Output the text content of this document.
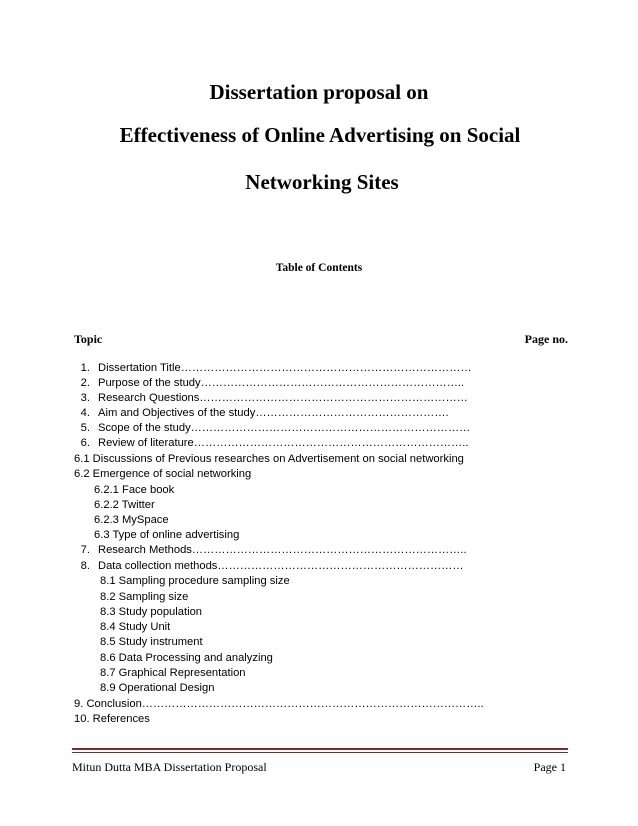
Dissertation proposal on
Effectiveness of Online Advertising on Social
Networking Sites
Table of Contents
Topic	Page no.
1. Dissertation Title……………………………………………………………………
2. Purpose of the study……………………………………………………………..
3. Research Questions………………………………………………………………
4. Aim and Objectives of the study…………………………………………….
5. Scope of the study…………………………………………………………………
6. Review of literature………………………………………………………………..
6.1 Discussions of Previous researches on Advertisement on social networking
6.2 Emergence of social networking
6.2.1 Face book
6.2.2 Twitter
6.2.3 MySpace
6.3 Type of online advertising
7. Research Methods………………………………………………………………..
8. Data collection methods…………………………………………………………
8.1 Sampling procedure sampling size
8.2 Sampling size
8.3 Study population
8.4 Study Unit
8.5 Study instrument
8.6 Data Processing and analyzing
8.7 Graphical Representation
8.9 Operational Design
9. Conclusion………………………………………………………………………………..
10. References
Mitun Dutta MBA Dissertation Proposal	Page 1
